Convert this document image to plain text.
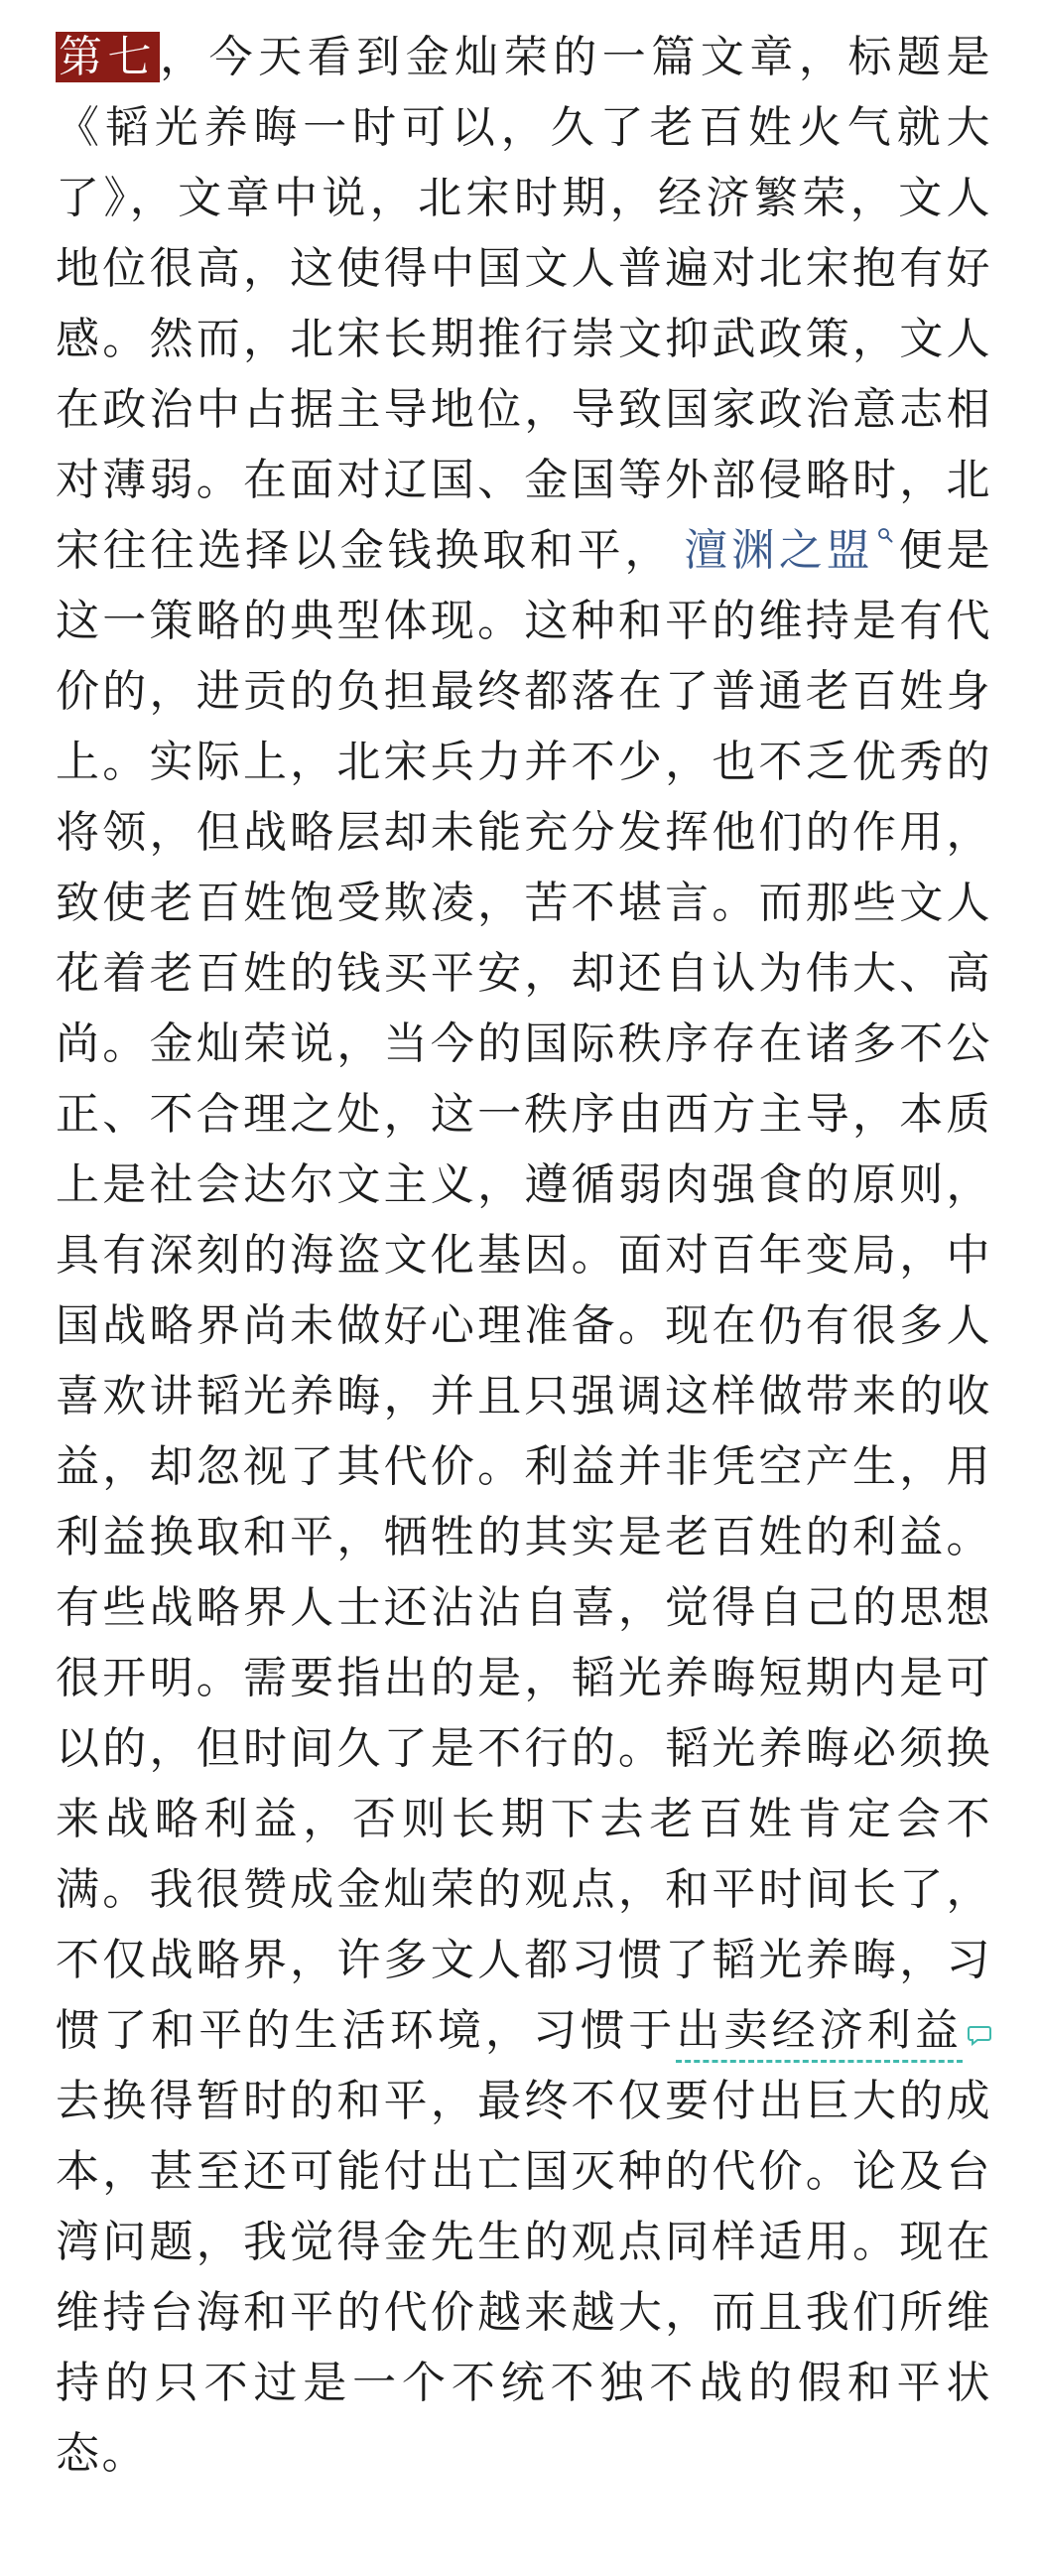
第七，今天看到金灿荣的一篇文章，标题是《韬光养晦一时可以，久了老百姓火气就大了》，文章中说，北宋时期，经济繁荣，文人地位很高，这使得中国文人普遍对北宋抱有好感。然而，北宋长期推行崇文抑武政策，文人在政治中占据主导地位，导致国家政治意志相对薄弱。在面对辽国、金国等外部侵略时，北宋往往选择以金钱换取和平， 澶渊之盟 便是这一策略的典型体现。这种和平的维持是有代价的，进贡的负担最终都落在了普通老百姓身上。实际上，北宋兵力并不少，也不乏优秀的将领，但战略层却未能充分发挥他们的作用，致使老百姓饱受欺凌，苦不堪言。而那些文人花着老百姓的钱买平安，却还自认为伟大、高尚。金灿荣说，当今的国际秩序存在诸多不公正、不合理之处，这一秩序由西方主导，本质上是社会达尔文主义，遵循弱肉强食的原则，具有深刻的海盗文化基因。面对百年变局，中国战略界尚未做好心理准备。现在仍有很多人喜欢讲韬光养晦，并且只强调这样做带来的收益，却忽视了其代价。利益并非凭空产生，用利益换取和平，牺牲的其实是老百姓的利益。有些战略界人士还沾沾自喜，觉得自己的思想很开明。需要指出的是，韬光养晦短期内是可以的，但时间久了是不行的。韬光养晦必须换来战略利益，否则长期下去老百姓肯定会不满。我很赞成金灿荣的观点，和平时间长了，不仅战略界，许多文人都习惯了韬光养晦，习惯了和平的生活环境，习惯于出卖经济利益去换得暂时的和平，最终不仅要付出巨大的成本，甚至还可能付出亡国灭种的代价。论及台湾问题，我觉得金先生的观点同样适用。现在维持台海和平的代价越来越大，而且我们所维持的只不过是一个不统不独不战的假和平状态。
